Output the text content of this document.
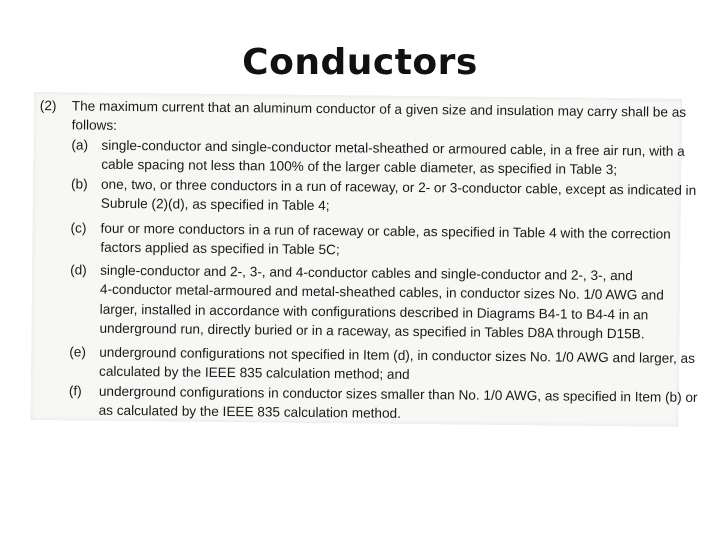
Conductors
(2)	The maximum current that an aluminum conductor of a given size and insulation may carry shall be as
follows:
(a) single-conductor and single-conductor metal-sheathed or armoured cable, in a free air run, with a
cable spacing not less than 100% of the larger cable diameter, as specified in Table 3;
(b) one, two, or three conductors in a run of raceway, or 2- or 3-conductor cable, except as indicated in
Subrule (2)(d), as specified in Table 4;
(c)	four or more conductors in a run of raceway or cable, as specified in Table 4 with the correction
factors applied as specified in Table 5C;
(d) single-conductor and 2-, 3-, and 4-conductor cables and single-conductor and 2-, 3-, and
4-conductor metal-armoured and metal-sheathed cables, in conductor sizes No. 1/0 AWG and
larger, installed in accordance with configurations described in Diagrams B4-1 to B4-4 in an
underground run, directly buried or in a raceway, as specified in Tables D8A through D15B.
(e) underground configurations not specified in Item (d), in conductor sizes No. 1/0 AWG and larger, as
calculated by the IEEE 835 calculation method; and
(f)	underground configurations in conductor sizes smaller than No. 1/0 AWG, as specified in Item (b) or
as calculated by the IEEE 835 calculation method.
